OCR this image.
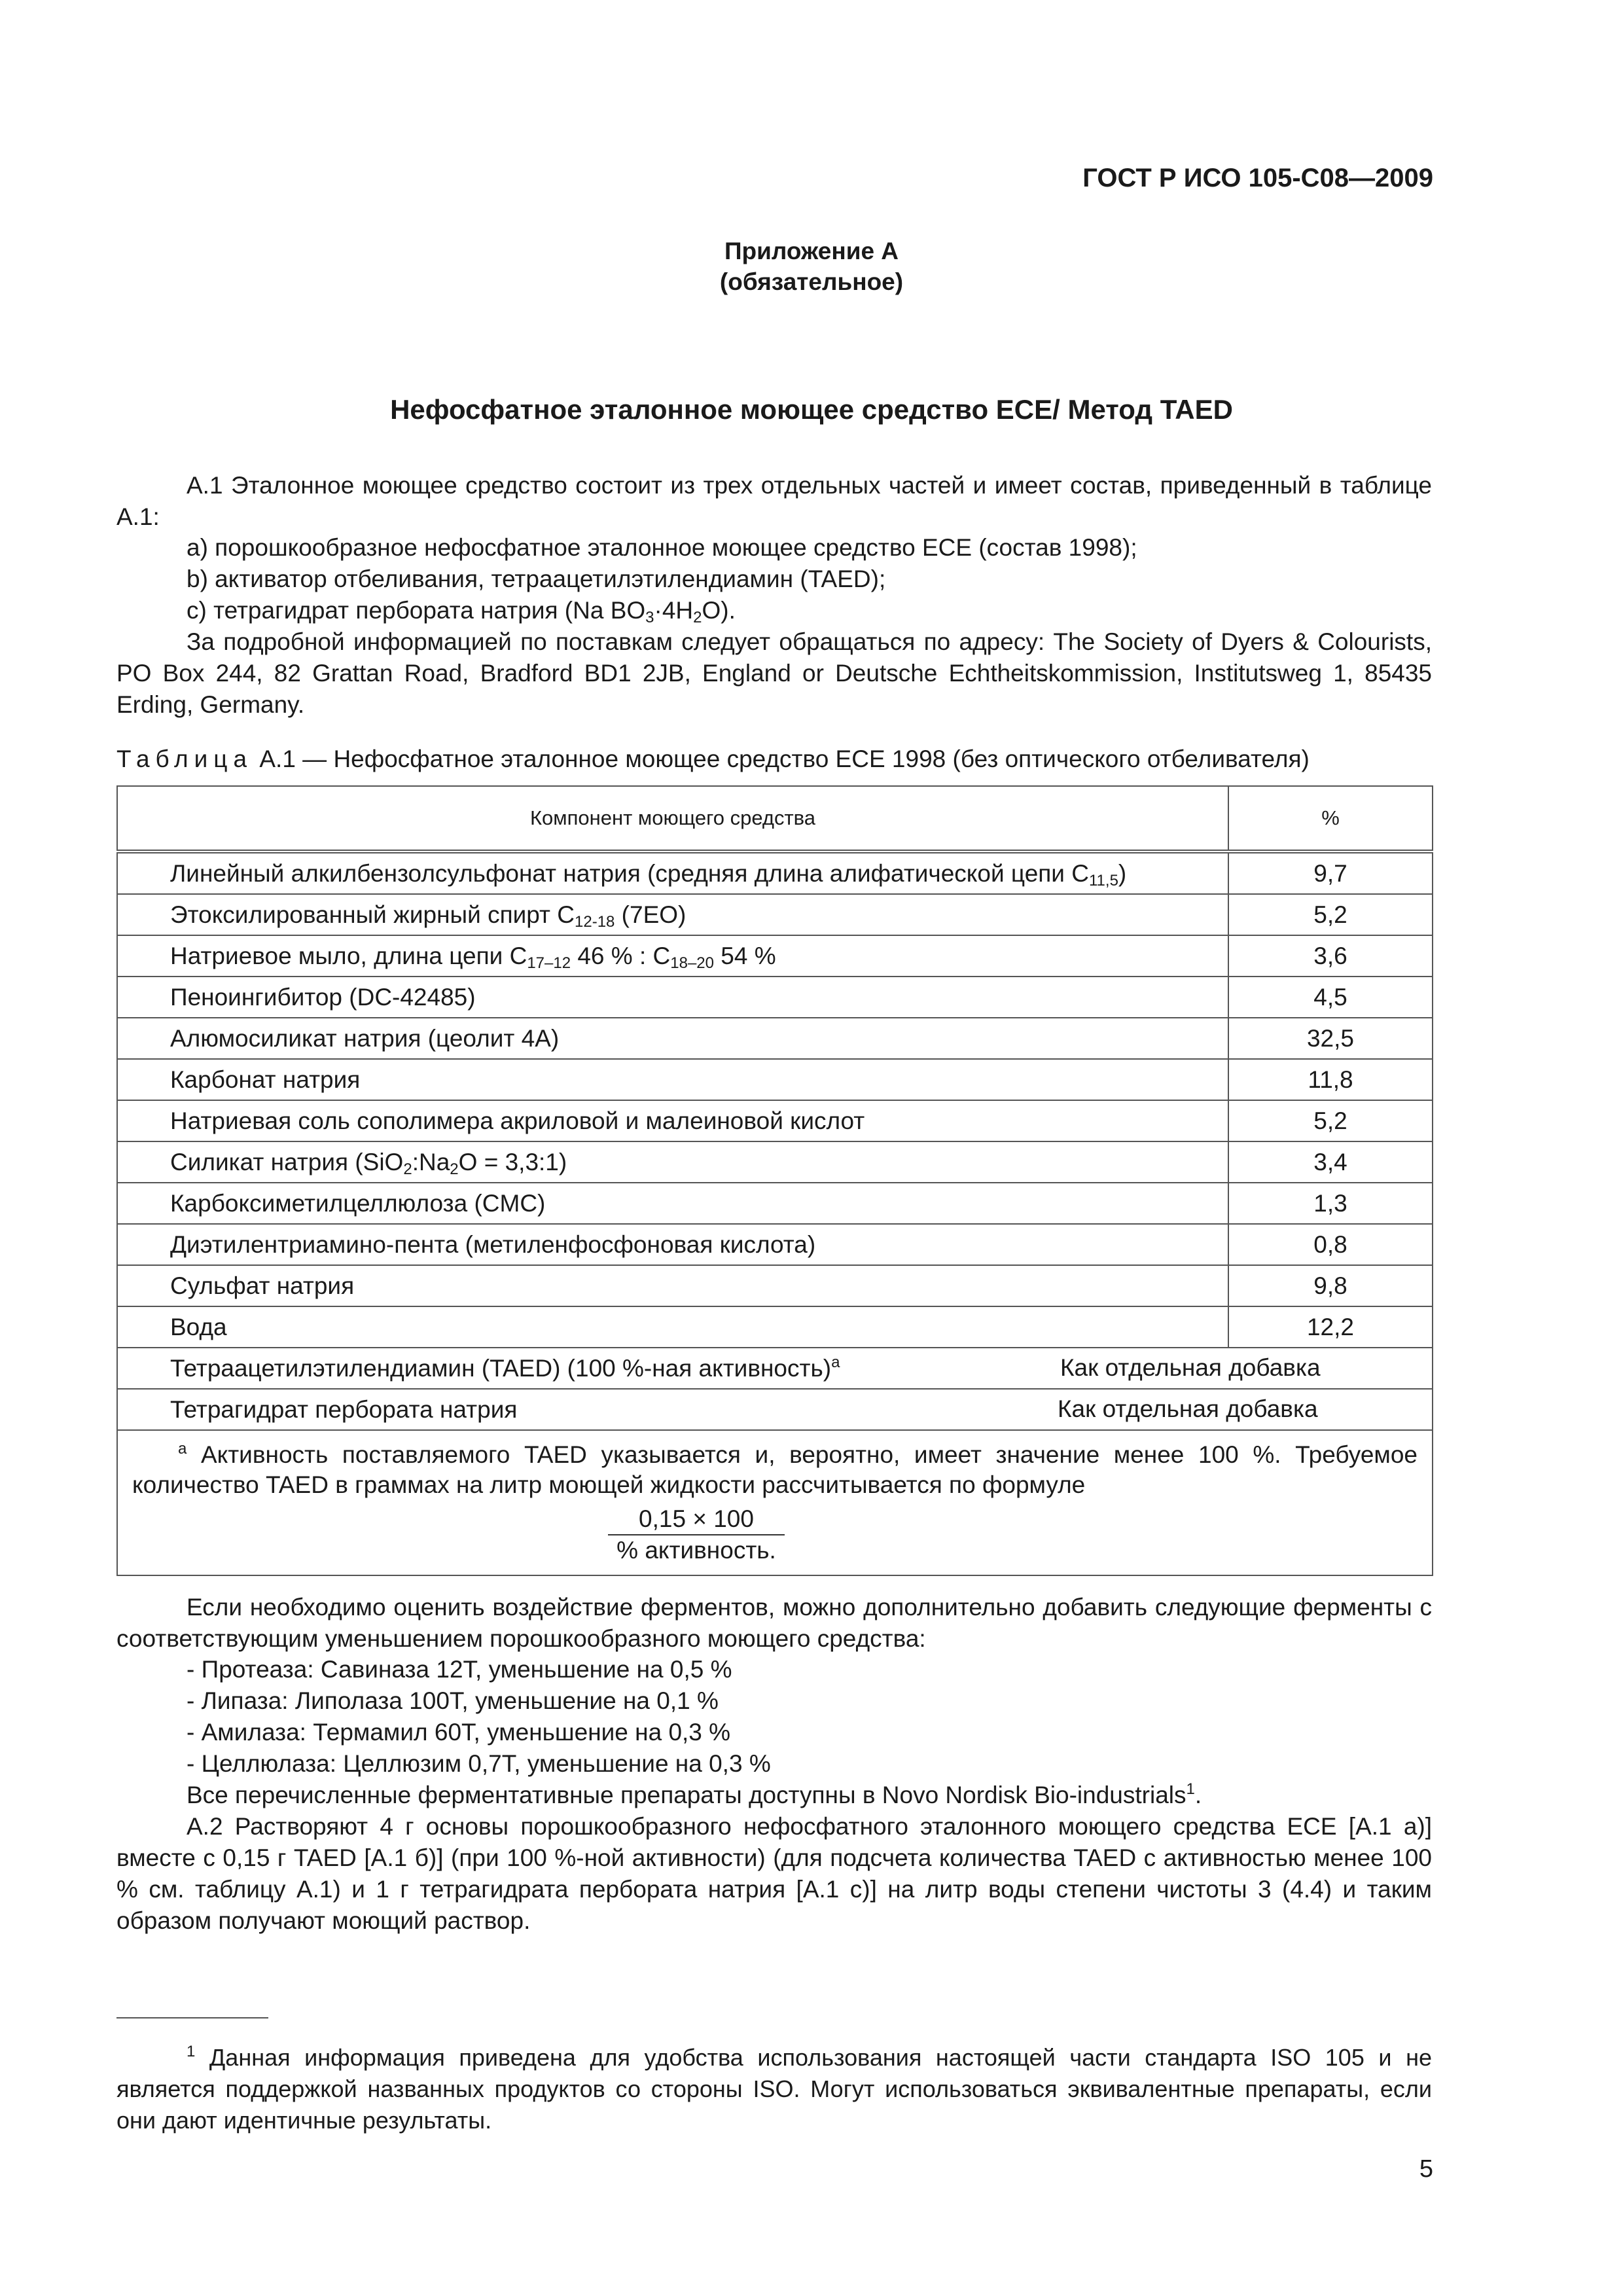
ГОСТ Р ИСО 105-С08—2009
Приложение А
(обязательное)
Нефосфатное эталонное моющее средство ЕСЕ/ Метод TAED
А.1 Эталонное моющее средство состоит из трех отдельных частей и имеет состав, приведенный в таблице А.1:
a) порошкообразное нефосфатное эталонное моющее средство ЕСЕ (состав 1998);
b) активатор отбеливания, тетраацетилэтилендиамин (TAED);
c) тетрагидрат пербората натрия (Na $BO_3\cdot 4H_2O$).
За подробной информацией по поставкам следует обращаться по адресу: The Society of Dyers & Colourists, PO Box 244, 82 Grattan Road, Bradford BD1 2JB, England or Deutsche Echtheitskommission, Institutsweg 1, 85435 Erding, Germany.
Таблица А.1 — Нефосфатное эталонное моющее средство ЕСЕ 1998 (без оптического отбеливателя)
Компонент моющего средства	%
Линейный алкилбензолсульфонат натрия (средняя длина алифатической цепи $C_{11,5}$)	9,7
Этоксилированный жирный спирт $C_{12-18}$ (7EO)	5,2
Натриевое мыло, длина цепи $C_{17-12}$ 46 % : $C_{18-20}$ 54 %	3,6
Пеноингибитор (DC-42485)	4,5
Алюмосиликат натрия (цеолит 4А)	32,5
Карбонат натрия	11,8
Натриевая соль сополимера акриловой и малеиновой кислот	5,2
Силикат натрия ($SiO_2:Na_2O$ = 3,3:1)	3,4
Карбоксиметилцеллюлоза (CMC)	1,3
Диэтилентриамино-пента (метиленфосфоновая кислота)	0,8
Сульфат натрия	9,8
Вода	12,2
Тетраацетилэтилендиамин (TAED) (100 %-ная активность)$^a$ Как отдельная добавка	

Тетрагидрат пербората натрия Как отдельная добавка	

$^a$ Активность поставляемого TAED указывается и, вероятно, имеет значение менее 100 %. Требуемое количество TAED в граммах на литр моющей жидкости рассчитывается по формуле
0,15 × 100
% активность.	
Если необходимо оценить воздействие ферментов, можно дополнительно добавить следующие ферменты с соответствующим уменьшением порошкообразного моющего средства:
- Протеаза: Савиназа 12Т, уменьшение на 0,5 %
- Липаза: Липолаза 100Т, уменьшение на 0,1 %
- Амилаза: Термамил 60Т, уменьшение на 0,3 %
- Целлюлаза: Целлюзим 0,7Т, уменьшение на 0,3 %
Все перечисленные ферментативные препараты доступны в Novo Nordisk Bio-industrials$^1$.
А.2 Растворяют 4 г основы порошкообразного нефосфатного эталонного моющего средства ЕСЕ [А.1 а)] вместе с 0,15 г TAED [А.1 б)] (при 100 %-ной активности) (для подсчета количества TAED с активностью менее 100 % см. таблицу А.1) и 1 г тетрагидрата пербората натрия [А.1 c)] на литр воды степени чистоты 3 (4.4) и таким образом получают моющий раствор.
$^1$ Данная информация приведена для удобства использования настоящей части стандарта ISO 105 и не является поддержкой названных продуктов со стороны ISO. Могут использоваться эквивалентные препараты, если они дают идентичные результаты.
5
